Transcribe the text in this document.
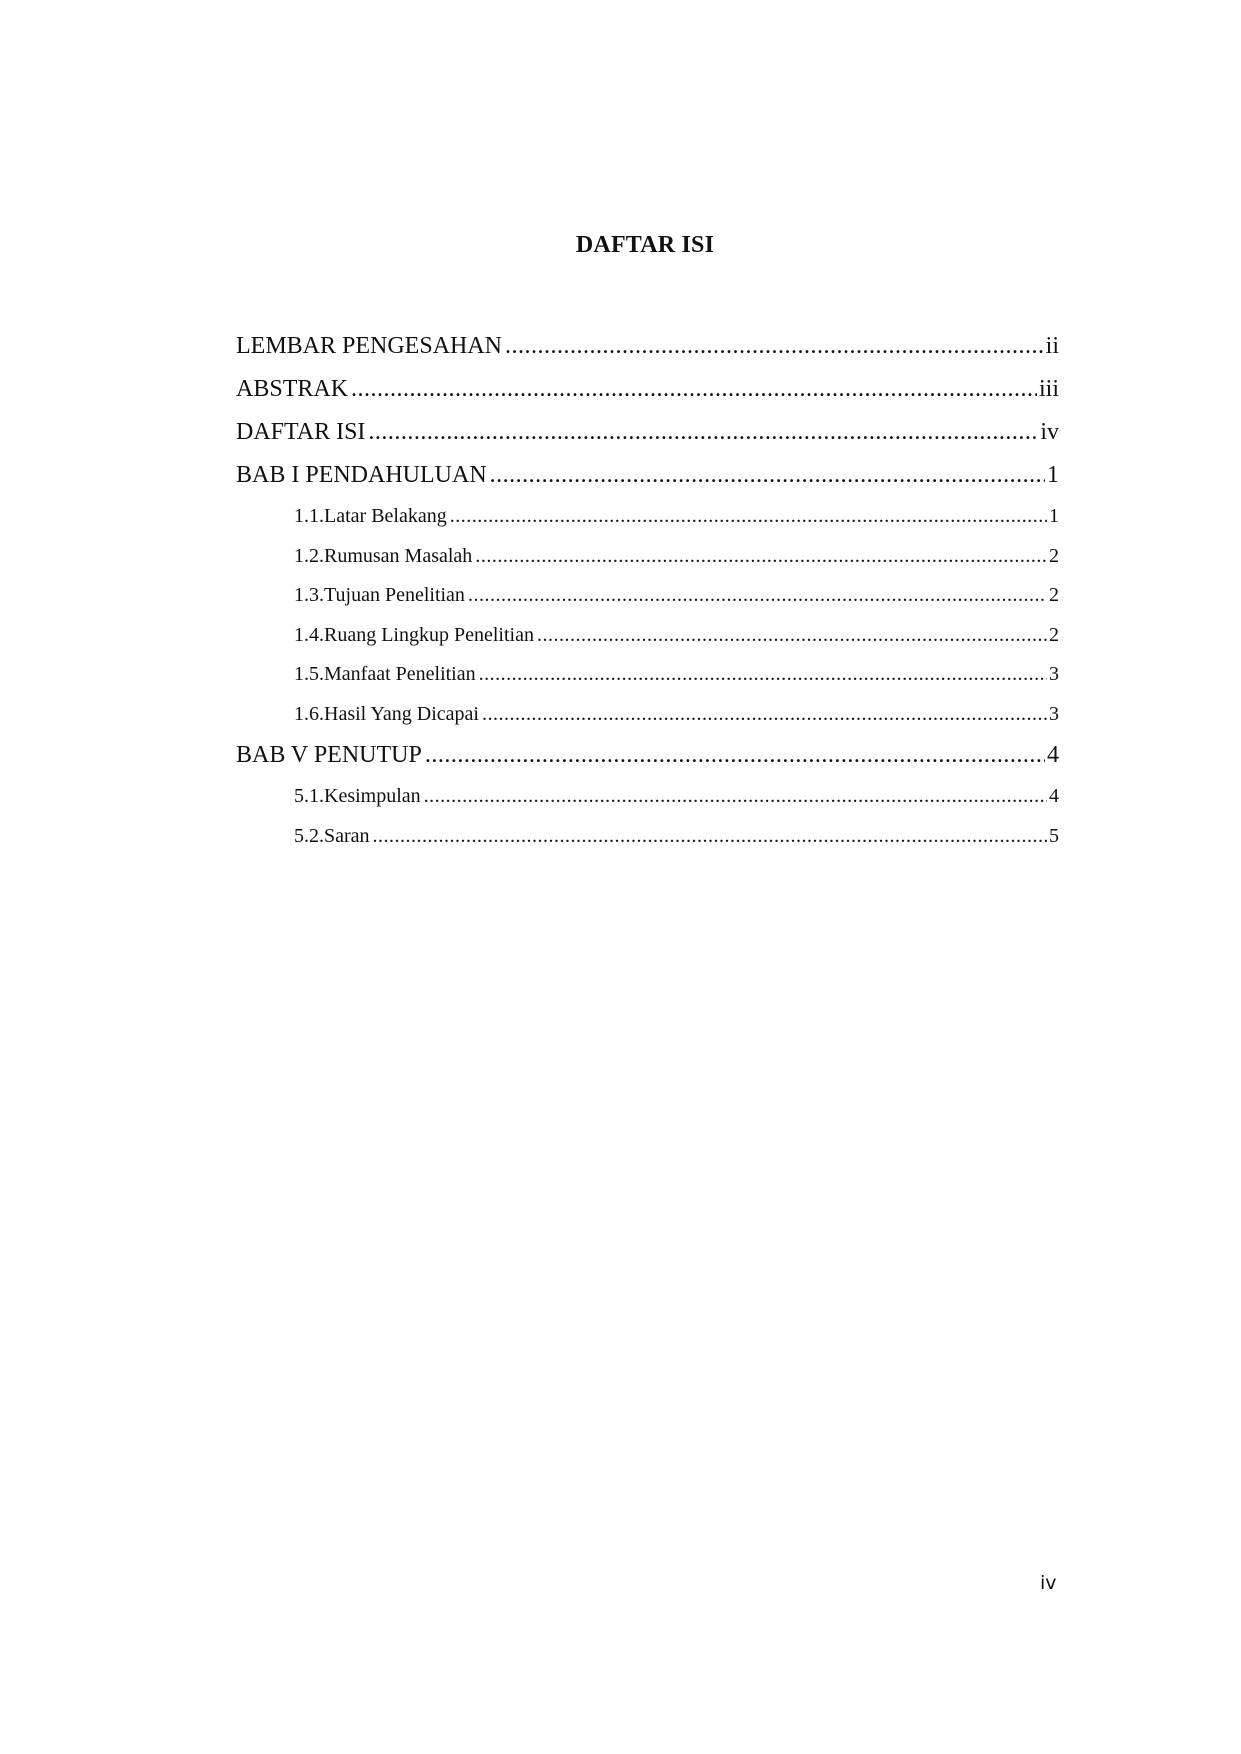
DAFTAR ISI
LEMBAR PENGESAHAN .....	ii
ABSTRAK .....	iii
DAFTAR ISI .....	iv
BAB I PENDAHULUAN .....	1
1.1. Latar Belakang .....	1
1.2. Rumusan Masalah .....	2
1.3. Tujuan Penelitian .....	2
1.4. Ruang Lingkup Penelitian .....	2
1.5. Manfaat Penelitian .....	3
1.6. Hasil Yang Dicapai .....	3
BAB V PENUTUP .....	4
5.1. Kesimpulan .....	4
5.2. Saran .....	5
iv
